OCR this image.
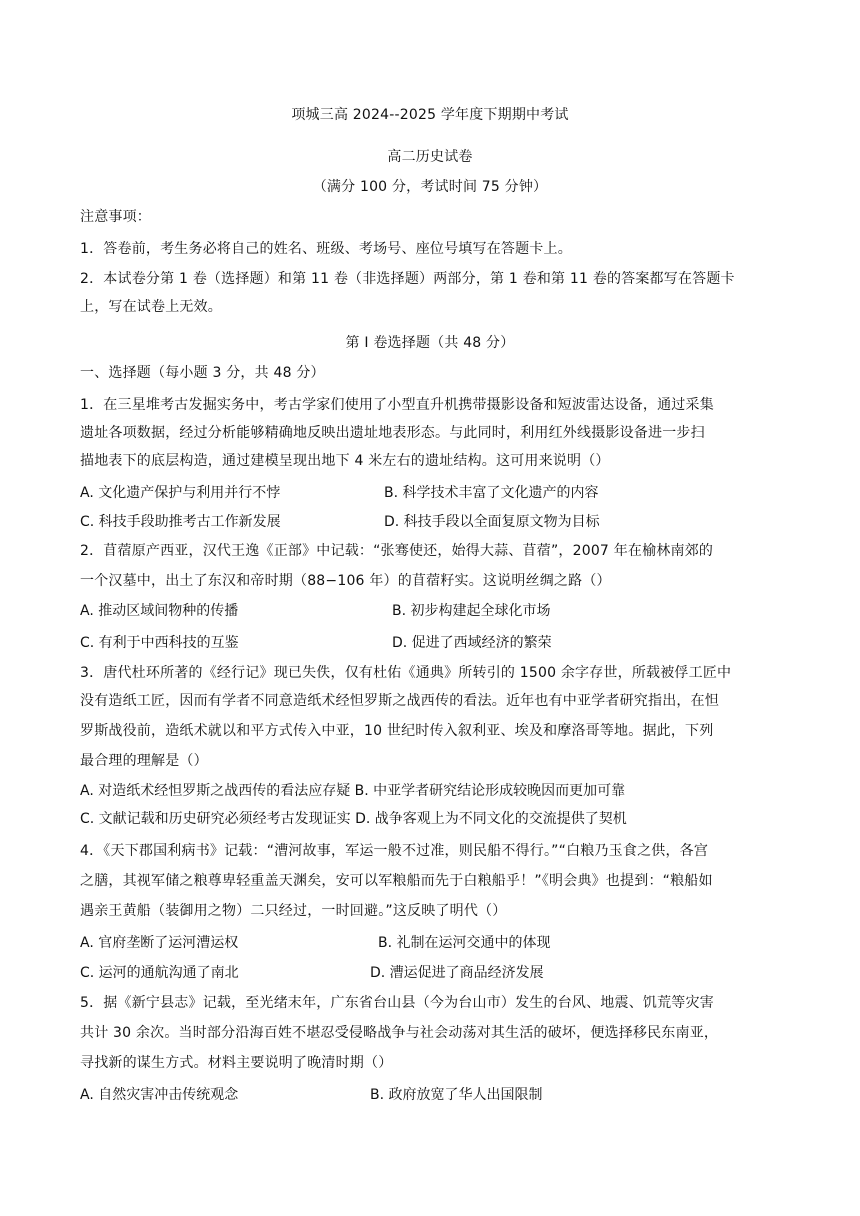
项城三高 2024--2025 学年度下期期中考试
高二历史试卷
（满分 100 分，考试时间 75 分钟）
注意事项：
1．答卷前，考生务必将自己的姓名、班级、考场号、座位号填写在答题卡上。
2．本试卷分第 1 卷（选择题）和第 11 卷（非选择题）两部分，第 1 卷和第 11 卷的答案都写在答题卡
上，写在试卷上无效。
第 I 卷选择题（共 48 分）
一、选择题（每小题 3 分，共 48 分）
1．在三星堆考古发掘实务中，考古学家们使用了小型直升机携带摄影设备和短波雷达设备，通过采集
遗址各项数据，经过分析能够精确地反映出遗址地表形态。与此同时，利用红外线摄影设备进一步扫
描地表下的底层构造，通过建模呈现出地下 4 米左右的遗址结构。这可用来说明（）
A. 文化遗产保护与利用并行不悖	B. 科学技术丰富了文化遗产的内容
C. 科技手段助推考古工作新发展	D. 科技手段以全面复原文物为目标
2．苜蓿原产西亚，汉代王逸《正部》中记载：“张骞使还，始得大蒜、苜蓿”，2007 年在榆林南郊的
一个汉墓中，出土了东汉和帝时期（88−106 年）的苜蓿籽实。这说明丝绸之路（）
A. 推动区域间物种的传播	B. 初步构建起全球化市场
C. 有利于中西科技的互鉴	D. 促进了西域经济的繁荣
3．唐代杜环所著的《经行记》现已失佚，仅有杜佑《通典》所转引的 1500 余字存世，所载被俘工匠中
没有造纸工匠，因而有学者不同意造纸术经怛罗斯之战西传的看法。近年也有中亚学者研究指出，在怛
罗斯战役前，造纸术就以和平方式传入中亚，10 世纪时传入叙利亚、埃及和摩洛哥等地。据此，下列
最合理的理解是（）
A. 对造纸术经怛罗斯之战西传的看法应存疑 B. 中亚学者研究结论形成较晚因而更加可靠
C. 文献记载和历史研究必须经考古发现证实 D. 战争客观上为不同文化的交流提供了契机
4．《天下郡国利病书》记载：“漕河故事，军运一般不过准，则民船不得行。”“白粮乃玉食之供，各宫
之膳，其视军储之粮尊卑轻重盖天渊矣，安可以军粮船而先于白粮船乎！”《明会典》也提到：“粮船如
遇亲王黄船（装御用之物）二只经过，一时回避。”这反映了明代（）
A. 官府垄断了运河漕运权	B. 礼制在运河交通中的体现
C. 运河的通航沟通了南北	D. 漕运促进了商品经济发展
5．据《新宁县志》记载，至光绪末年，广东省台山县（今为台山市）发生的台风、地震、饥荒等灾害
共计 30 余次。当时部分沿海百姓不堪忍受侵略战争与社会动荡对其生活的破坏，便选择移民东南亚，
寻找新的谋生方式。材料主要说明了晚清时期（）
A. 自然灾害冲击传统观念	B. 政府放宽了华人出国限制
